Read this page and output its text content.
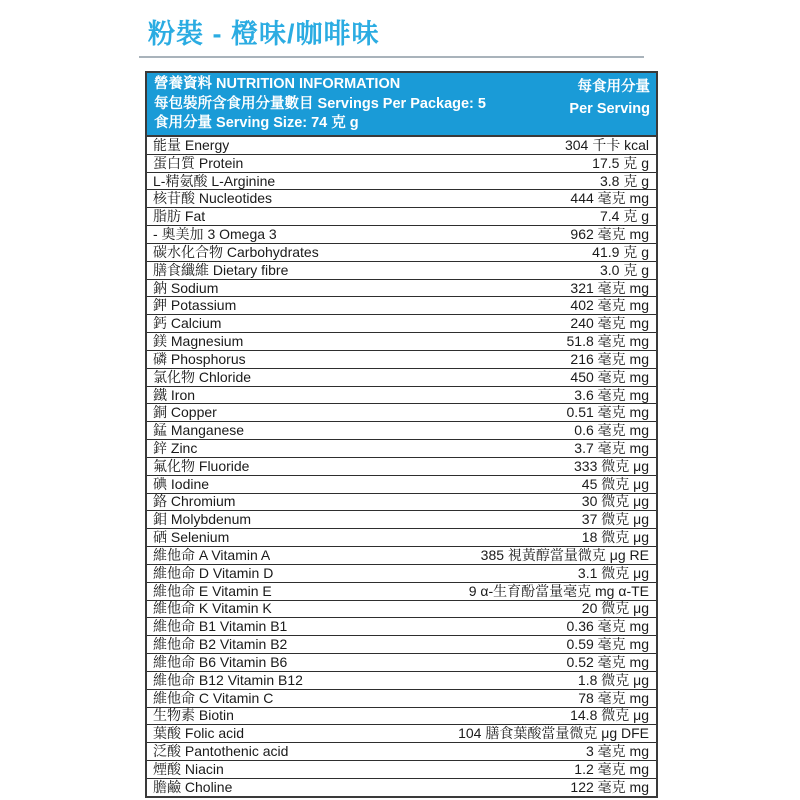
粉裝 - 橙味/咖啡味
營養資料 NUTRITION INFORMATION
每包裝所含食用分量數目 Servings Per Package: 5
食用分量 Serving Size: 74 克 g
每食用分量
Per Serving
能量 Energy	304 千卡 kcal
蛋白質 Protein	17.5 克 g
L-精氨酸 L-Arginine	3.8 克 g
核苷酸 Nucleotides	444 毫克 mg
脂肪 Fat	7.4 克 g
- 奧美加 3 Omega 3	962 毫克 mg
碳水化合物 Carbohydrates	41.9 克 g
膳食纖維 Dietary fibre	3.0 克 g
鈉 Sodium	321 毫克 mg
鉀 Potassium	402 毫克 mg
鈣 Calcium	240 毫克 mg
鎂 Magnesium	51.8 毫克 mg
磷 Phosphorus	216 毫克 mg
氯化物 Chloride	450 毫克 mg
鐵 Iron	3.6 毫克 mg
銅 Copper	0.51 毫克 mg
錳 Manganese	0.6 毫克 mg
鋅 Zinc	3.7 毫克 mg
氟化物 Fluoride	333 微克 μg
碘 Iodine	45 微克 μg
鉻 Chromium	30 微克 μg
鉬 Molybdenum	37 微克 μg
硒 Selenium	18 微克 μg
維他命 A Vitamin A	385 視黃醇當量微克 μg RE
維他命 D Vitamin D	3.1 微克 μg
維他命 E Vitamin E	9 α-生育酚當量毫克 mg α-TE
維他命 K Vitamin K	20 微克 μg
維他命 B1 Vitamin B1	0.36 毫克 mg
維他命 B2 Vitamin B2	0.59 毫克 mg
維他命 B6 Vitamin B6	0.52 毫克 mg
維他命 B12 Vitamin B12	1.8 微克 μg
維他命 C Vitamin C	78 毫克 mg
生物素 Biotin	14.8 微克 μg
葉酸 Folic acid	104 膳食葉酸當量微克 μg DFE
泛酸 Pantothenic acid	3 毫克 mg
煙酸 Niacin	1.2 毫克 mg
膽鹼 Choline	122 毫克 mg
